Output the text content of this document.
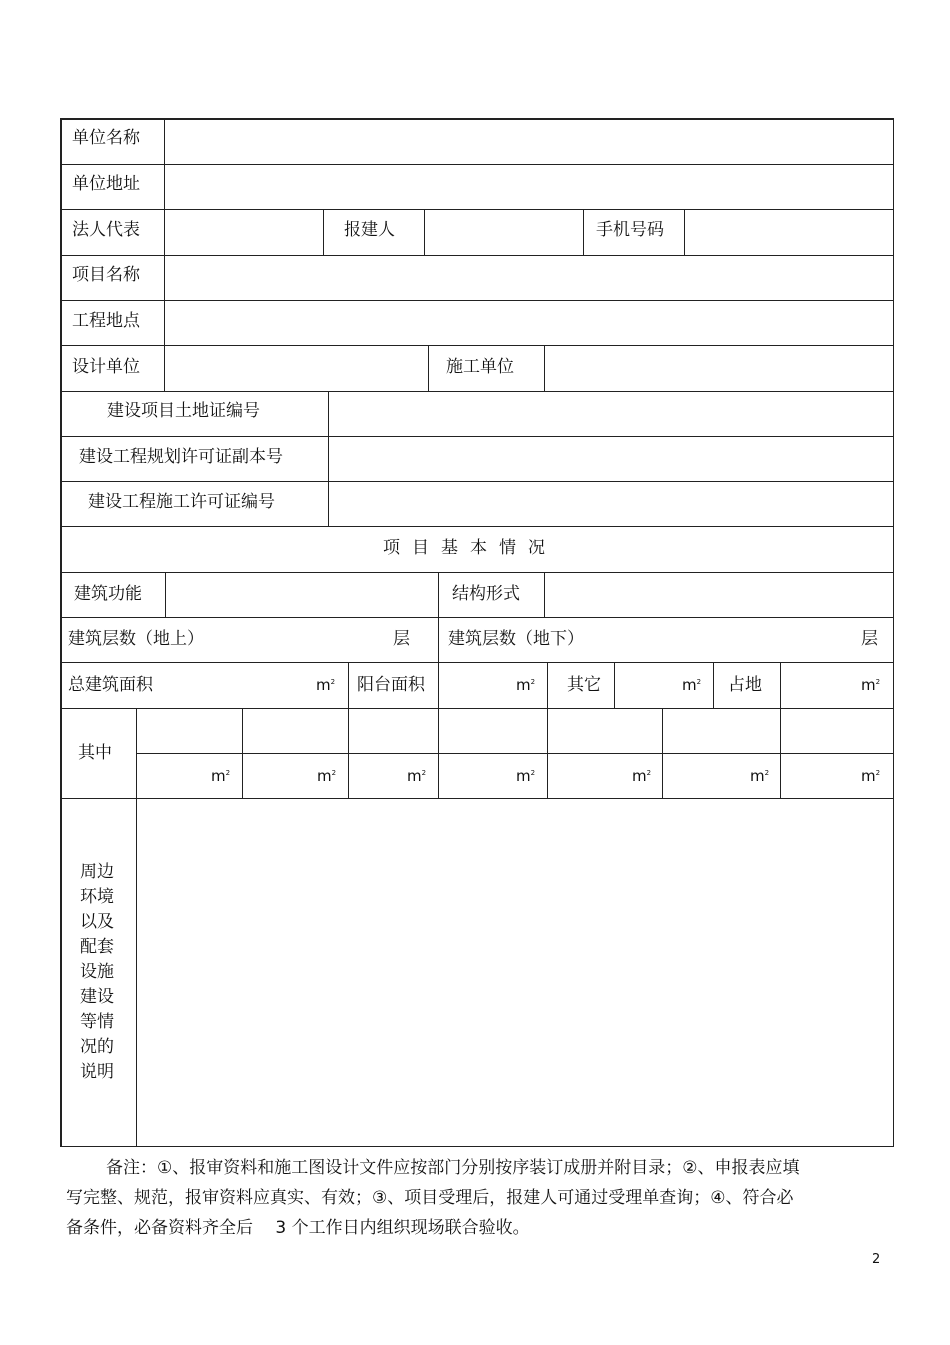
单位名称
单位地址
法人代表	报建人	手机号码
项目名称
工程地点
设计单位	施工单位
建设项目土地证编号
建设工程规划许可证副本号
建设工程施工许可证编号
项目基本情况
建筑功能	结构形式
建筑层数（地上）	层 建筑层数（地下）	层
总建筑面积	$m^2$ 阳台面积	$m^2$ 其它	$m^2$ 占地	$m^2$
其中
$m^2$	$m^2$	$m^2$	$m^2$	$m^2$	$m^2$	$m^2$
周边环境以及配套设施建设等情况的说明
备注：①、报审资料和施工图设计文件应按部门分别按序装订成册并附目录；②、申报表应填
写完整、规范，报审资料应真实、有效；③、项目受理后，报建人可通过受理单查询；④、符合必
备条件，必备资料齐全后　 3 个工作日内组织现场联合验收。
2
